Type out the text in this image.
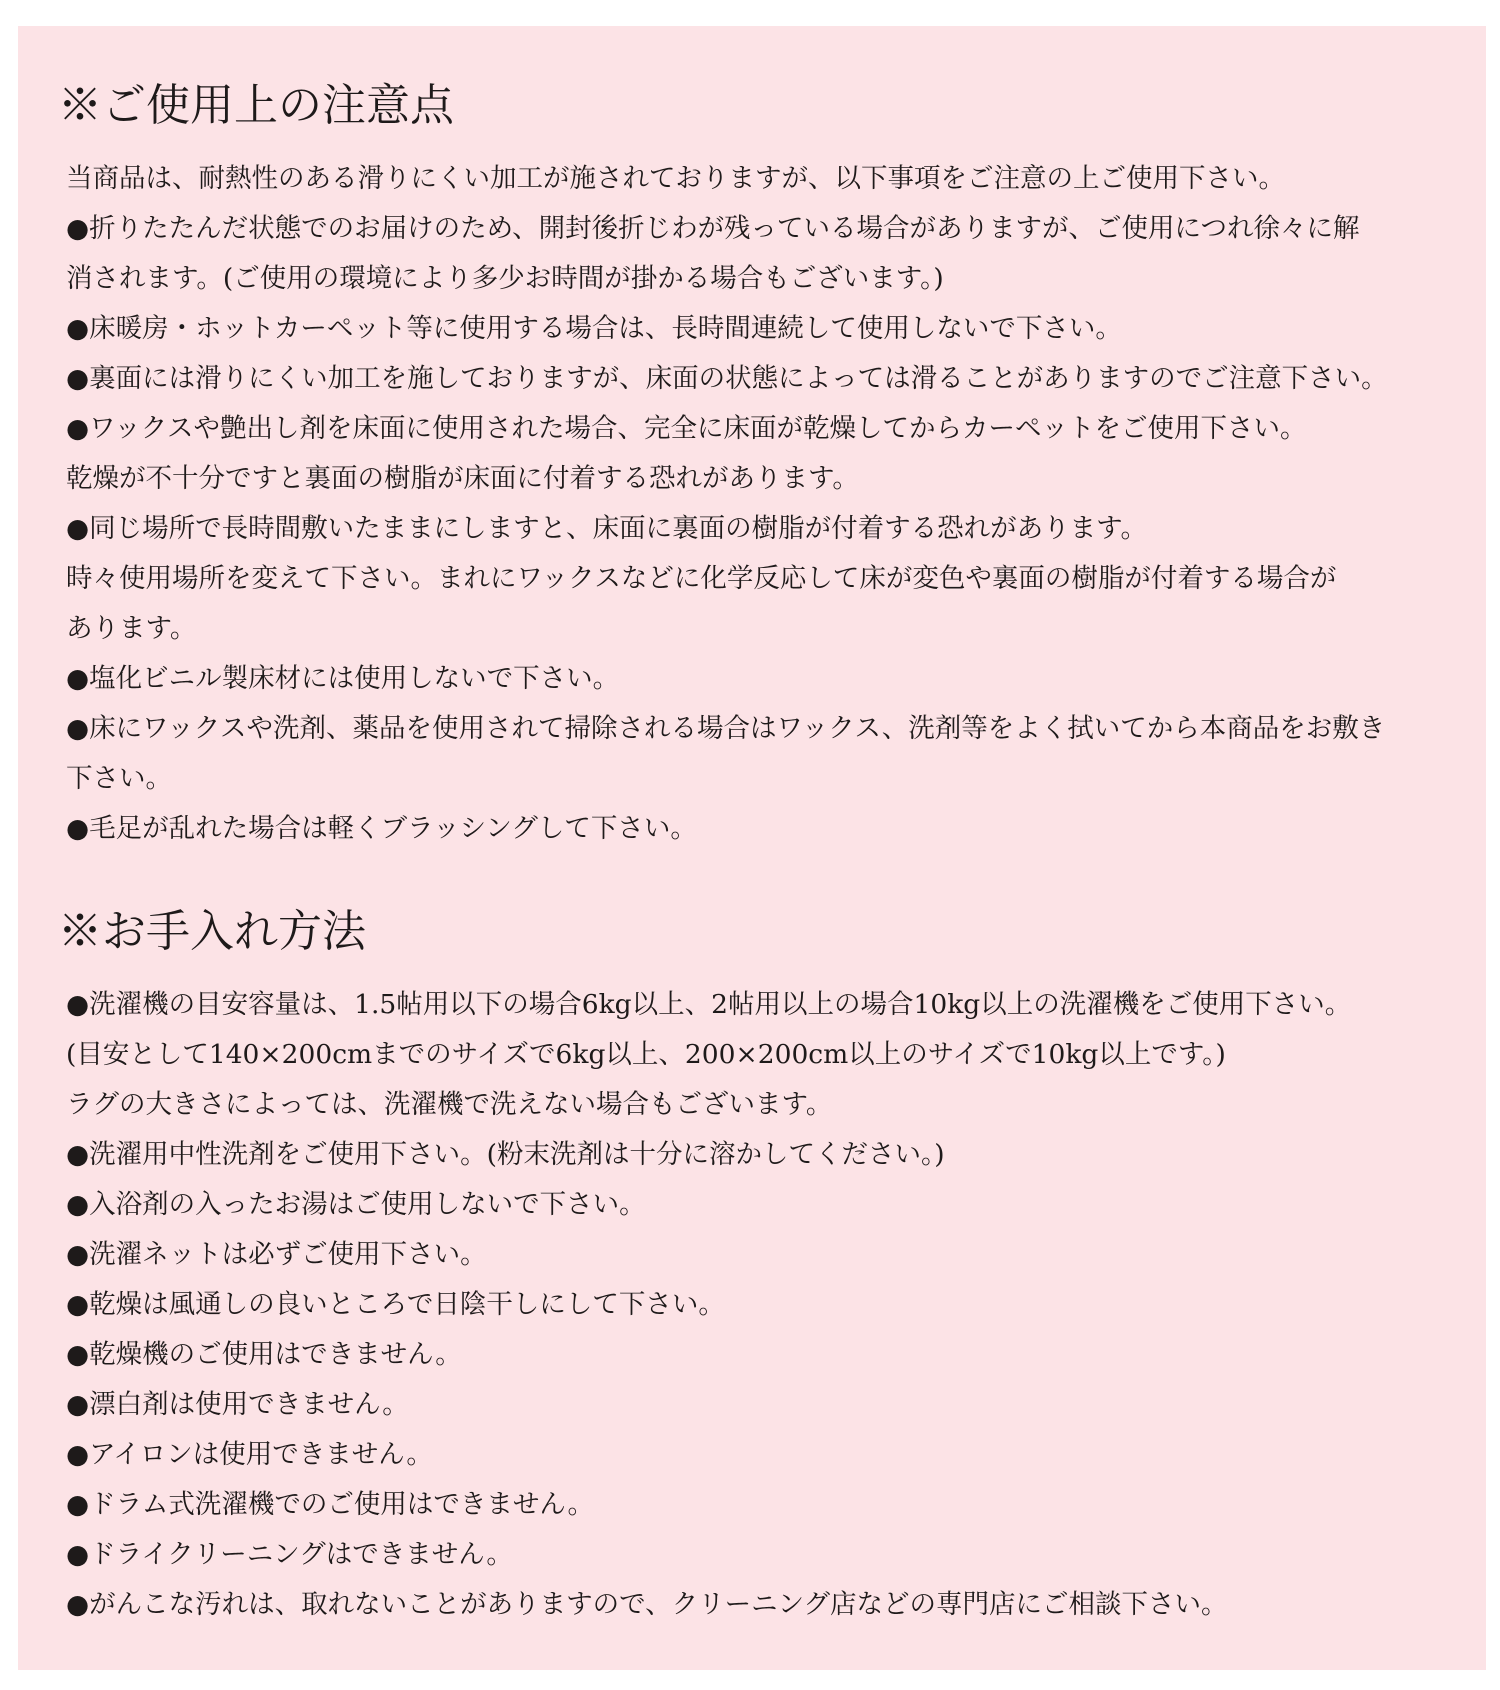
※ご使用上の注意点
当商品は、耐熱性のある滑りにくい加工が施されておりますが、以下事項をご注意の上ご使用下さい。
●折りたたんだ状態でのお届けのため、開封後折じわが残っている場合がありますが、ご使用につれ徐々に解
消されます。(ご使用の環境により多少お時間が掛かる場合もございます。)
●床暖房・ホットカーペット等に使用する場合は、長時間連続して使用しないで下さい。
●裏面には滑りにくい加工を施しておりますが、床面の状態によっては滑ることがありますのでご注意下さい。
●ワックスや艶出し剤を床面に使用された場合、完全に床面が乾燥してからカーペットをご使用下さい。
乾燥が不十分ですと裏面の樹脂が床面に付着する恐れがあります。
●同じ場所で長時間敷いたままにしますと、床面に裏面の樹脂が付着する恐れがあります。
時々使用場所を変えて下さい。まれにワックスなどに化学反応して床が変色や裏面の樹脂が付着する場合が
あります。
●塩化ビニル製床材には使用しないで下さい。
●床にワックスや洗剤、薬品を使用されて掃除される場合はワックス、洗剤等をよく拭いてから本商品をお敷き
下さい。
●毛足が乱れた場合は軽くブラッシングして下さい。
※お手入れ方法
●洗濯機の目安容量は、1.5帖用以下の場合6kg以上、2帖用以上の場合10kg以上の洗濯機をご使用下さい。
(目安として140×200cmまでのサイズで6kg以上、200×200cm以上のサイズで10kg以上です。)
ラグの大きさによっては、洗濯機で洗えない場合もございます。
●洗濯用中性洗剤をご使用下さい。(粉末洗剤は十分に溶かしてください。)
●入浴剤の入ったお湯はご使用しないで下さい。
●洗濯ネットは必ずご使用下さい。
●乾燥は風通しの良いところで日陰干しにして下さい。
●乾燥機のご使用はできません。
●漂白剤は使用できません。
●アイロンは使用できません。
●ドラム式洗濯機でのご使用はできません。
●ドライクリーニングはできません。
●がんこな汚れは、取れないことがありますので、クリーニング店などの専門店にご相談下さい。
